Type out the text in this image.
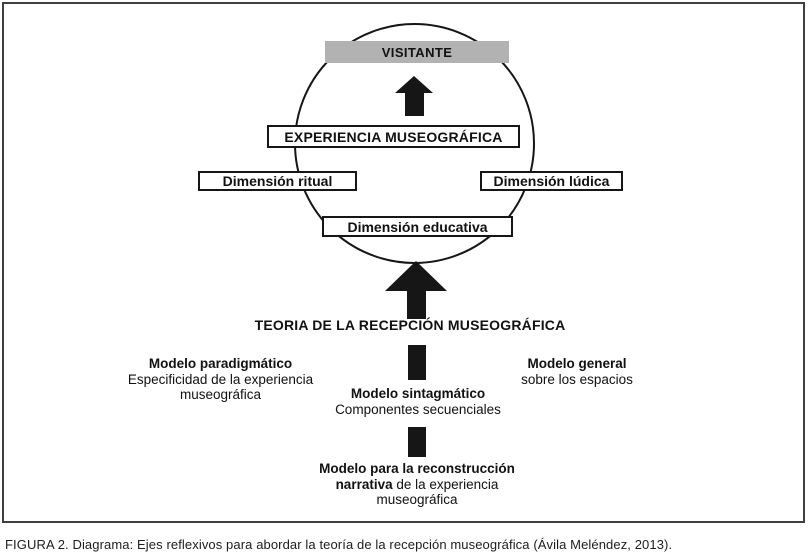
VISITANTE
EXPERIENCIA MUSEOGRÁFICA
Dimensión ritual	Dimensión lúdica
Dimensión educativa
TEORIA DE LA RECEPCIÓN MUSEOGRÁFICA
Modelo paradigmático
Especificidad de la experiencia
museográfica
Modelo general
sobre los espacios
Modelo sintagmático
Componentes secuenciales
Modelo para la reconstrucción
narrativa de la experiencia
museográfica
FIGURA 2. Diagrama: Ejes reflexivos para abordar la teoría de la recepción museográfica (Ávila Meléndez, 2013).
